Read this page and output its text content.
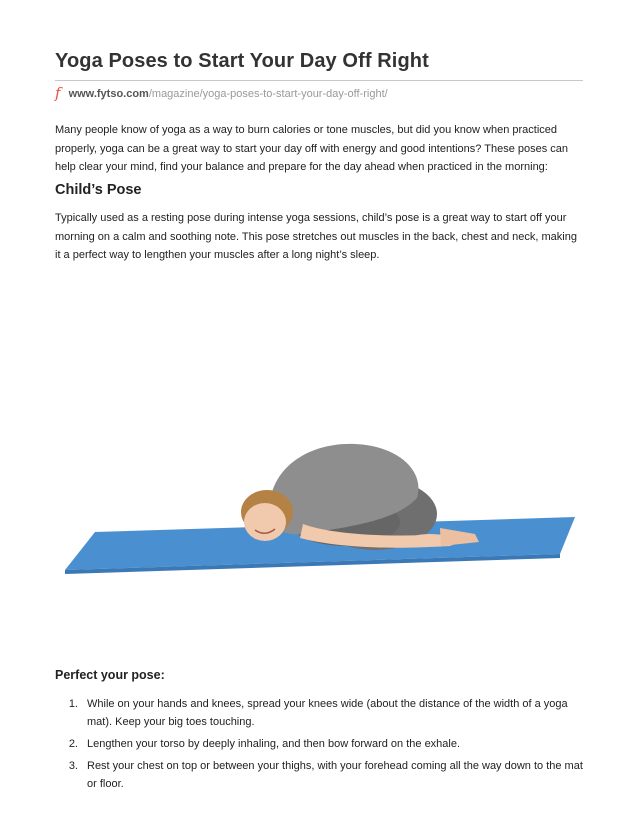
Yoga Poses to Start Your Day Off Right
f www.fytso.com /magazine/yoga-poses-to-start-your-day-off-right/

Many people know of yoga as a way to burn calories or tone muscles, but did you know when practiced properly, yoga can be a great way to start your day off with energy and good intentions? These poses can help clear your mind, find your balance and prepare for the day ahead when practiced in the morning:

Child’s Pose

Typically used as a resting pose during intense yoga sessions, child’s pose is a great way to start off your morning on a calm and soothing note. This pose stretches out muscles in the back, chest and neck, making it a perfect way to lengthen your muscles after a long night’s sleep.

Perfect your pose:
1. While on your hands and knees, spread your knees wide (about the distance of the width of a yoga mat). Keep your big toes touching.
2. Lengthen your torso by deeply inhaling, and then bow forward on the exhale.
3. Rest your chest on top or between your thighs, with your forehead coming all the way down to the mat or floor.
